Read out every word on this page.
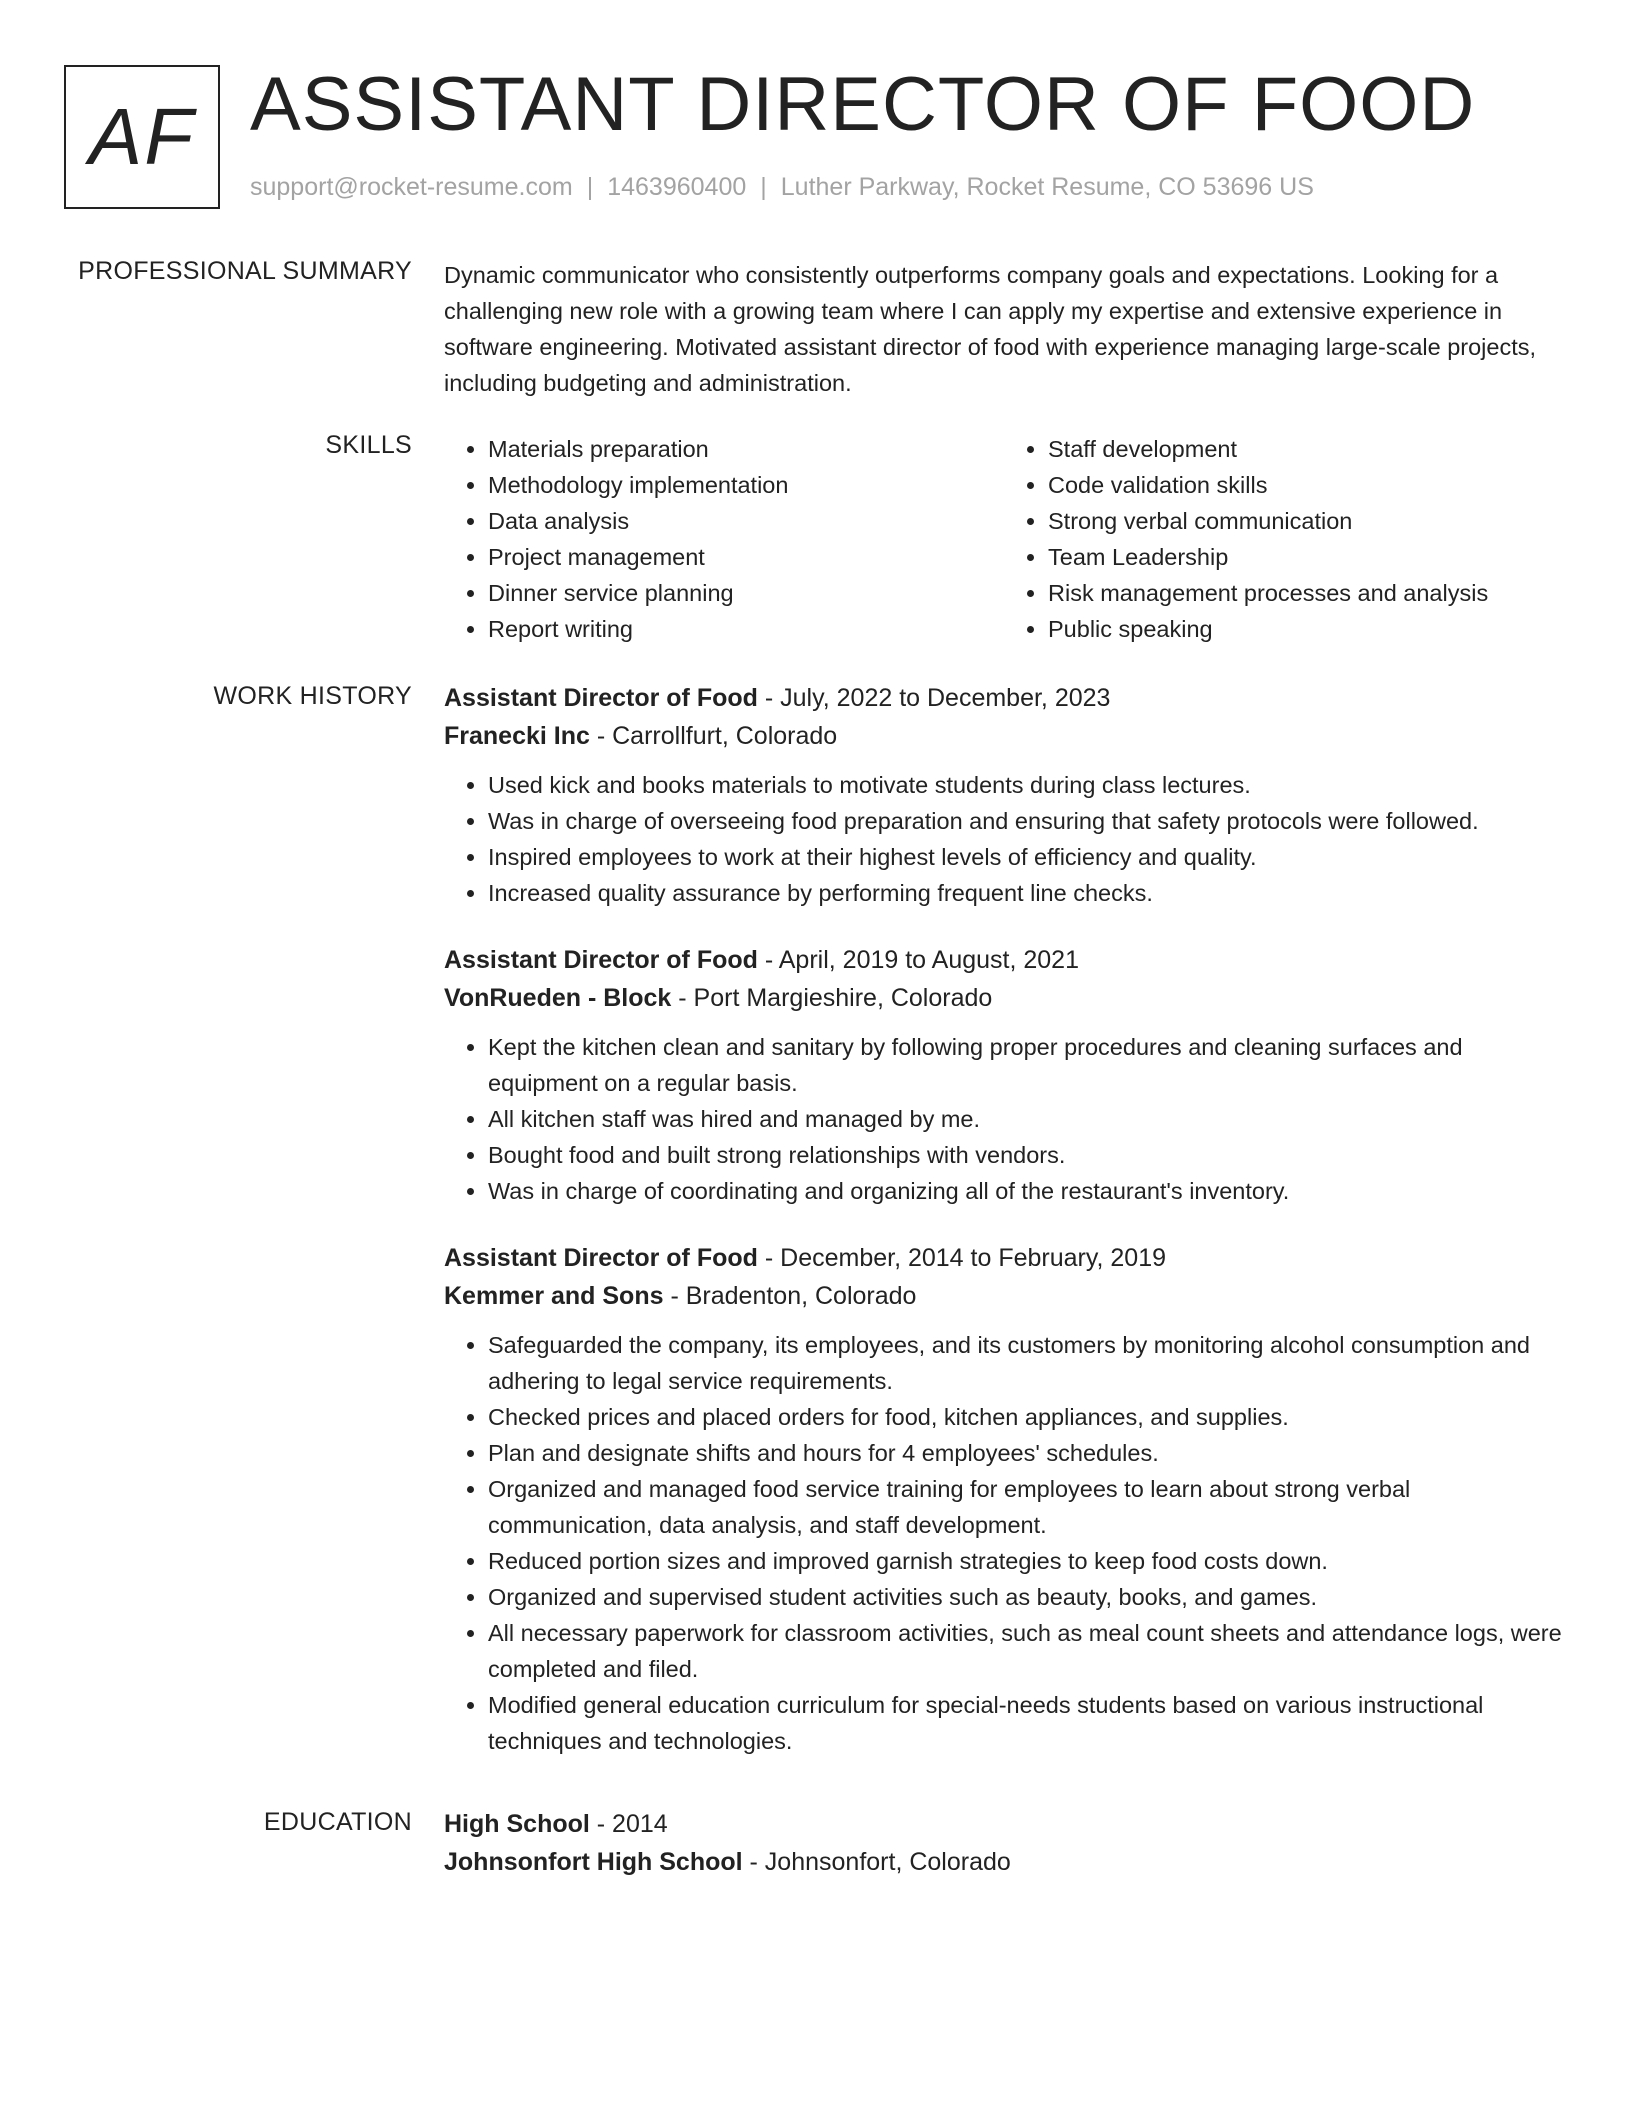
AF ASSISTANT DIRECTOR OF FOOD
support@rocket-resume.com | 1463960400 | Luther Parkway, Rocket Resume, CO 53696 US
PROFESSIONAL SUMMARY Dynamic communicator who consistently outperforms company goals and expectations. Looking for a challenging new role with a growing team where I can apply my expertise and extensive experience in software engineering. Motivated assistant director of food with experience managing large-scale projects, including budgeting and administration.

SKILLS
•	Materials preparation
• Methodology implementation
• Data analysis
• Project management
• Dinner service planning
• Report writing
• Staff development
• Code validation skills
• Strong verbal communication
• Team Leadership
• Risk management processes and analysis
• Public speaking
WORK HISTORY Assistant Director of Food - July, 2022 to December, 2023
Franecki Inc - Carrollfurt, Colorado
• Used kick and books materials to motivate students during class lectures.
• Was in charge of overseeing food preparation and ensuring that safety protocols were followed.
• Inspired employees to work at their highest levels of efficiency and quality.
• Increased quality assurance by performing frequent line checks.
Assistant Director of Food - April, 2019 to August, 2021
VonRueden - Block - Port Margieshire, Colorado
• Kept the kitchen clean and sanitary by following proper procedures and cleaning surfaces and equipment on a regular basis.
• All kitchen staff was hired and managed by me.
• Bought food and built strong relationships with vendors.
• Was in charge of coordinating and organizing all of the restaurant's inventory.
Assistant Director of Food - December, 2014 to February, 2019
Kemmer and Sons - Bradenton, Colorado
• Safeguarded the company, its employees, and its customers by monitoring alcohol consumption and adhering to legal service requirements.
• Checked prices and placed orders for food, kitchen appliances, and supplies.
• Plan and designate shifts and hours for 4 employees' schedules.
• Organized and managed food service training for employees to learn about strong verbal communication, data analysis, and staff development.
• Reduced portion sizes and improved garnish strategies to keep food costs down.
• Organized and supervised student activities such as beauty, books, and games.
• All necessary paperwork for classroom activities, such as meal count sheets and attendance logs, were completed and filed.
• Modified general education curriculum for special-needs students based on various instructional techniques and technologies.
EDUCATION High School - 2014
Johnsonfort High School - Johnsonfort, Colorado
